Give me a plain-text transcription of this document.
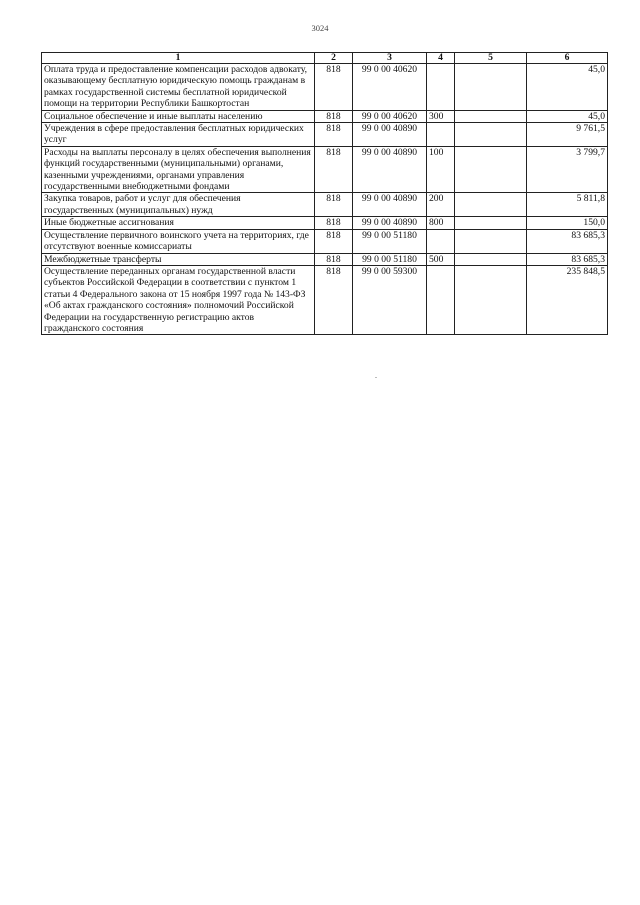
3024
1	2	3	4	5	6
Оплата труда и предоставление компенсации расходов адвокату, оказывающему бесплатную юридическую помощь гражданам в рамках государственной системы бесплатной юридической помощи на территории Республики Башкортостан	818	99 0 00 40620			45,0
Социальное обеспечение и иные выплаты населению	818	99 0 00 40620	300		45,0
Учреждения в сфере предоставления бесплатных юридических услуг	818	99 0 00 40890			9 761,5
Расходы на выплаты персоналу в целях обеспечения выполнения функций государственными (муниципальными) органами, казенными учреждениями, органами управления государственными внебюджетными фондами	818	99 0 00 40890	100		3 799,7
Закупка товаров, работ и услуг для обеспечения государственных (муниципальных) нужд	818	99 0 00 40890	200		5 811,8
Иные бюджетные ассигнования	818	99 0 00 40890	800		150,0
Осуществление первичного воинского учета на территориях, где отсутствуют военные комиссариаты	818	99 0 00 51180			83 685,3
Межбюджетные трансферты	818	99 0 00 51180	500		83 685,3
Осуществление переданных органам государственной власти субъектов Российской Федерации в соответствии с пунктом 1 статьи 4 Федерального закона от 15 ноября 1997 года № 143-ФЗ «Об актах гражданского состояния» полномочий Российской Федерации на государственную регистрацию актов гражданского состояния	818	99 0 00 59300			235 848,5
